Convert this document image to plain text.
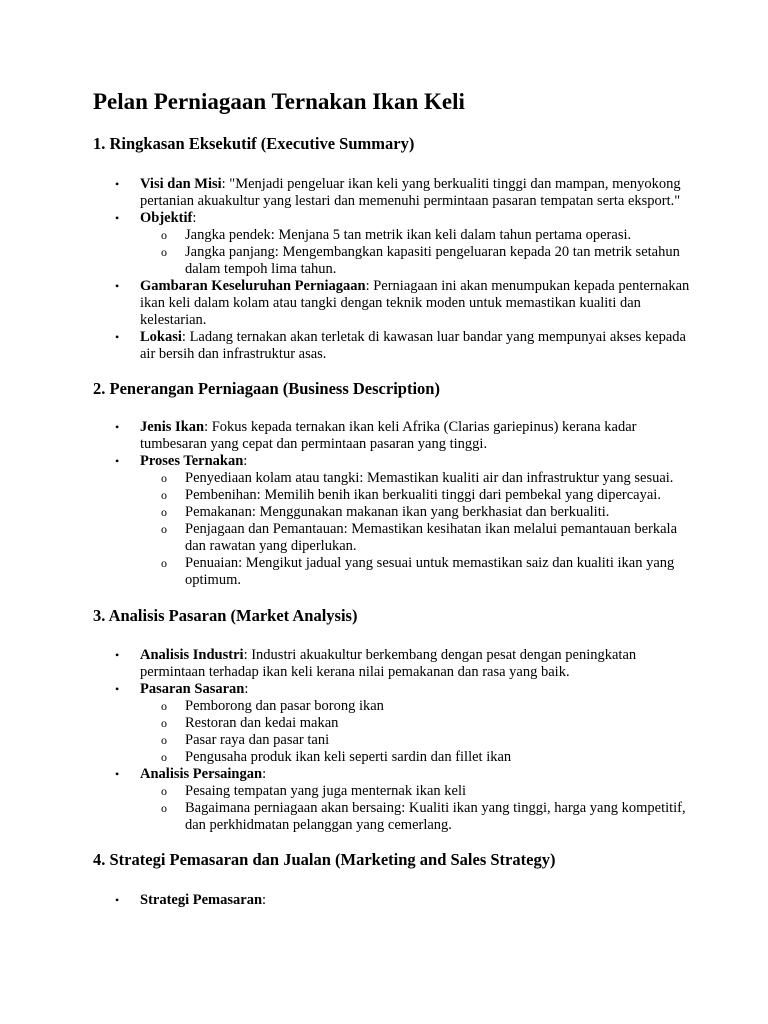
Pelan Perniagaan Ternakan Ikan Keli
1. Ringkasan Eksekutif (Executive Summary)
•	Visi dan Misi: "Menjadi pengeluar ikan keli yang berkualiti tinggi dan mampan, menyokong pertanian akuakultur yang lestari dan memenuhi permintaan pasaran tempatan serta eksport."
•	Objektif:
o Jangka pendek: Menjana 5 tan metrik ikan keli dalam tahun pertama operasi.
o Jangka panjang: Mengembangkan kapasiti pengeluaran kepada 20 tan metrik setahun dalam tempoh lima tahun.
•	Gambaran Keseluruhan Perniagaan: Perniagaan ini akan menumpukan kepada penternakan ikan keli dalam kolam atau tangki dengan teknik moden untuk memastikan kualiti dan kelestarian.
•	Lokasi: Ladang ternakan akan terletak di kawasan luar bandar yang mempunyai akses kepada air bersih dan infrastruktur asas.
2. Penerangan Perniagaan (Business Description)
•	Jenis Ikan: Fokus kepada ternakan ikan keli Afrika (Clarias gariepinus) kerana kadar tumbesaran yang cepat dan permintaan pasaran yang tinggi.
•	Proses Ternakan:
o Penyediaan kolam atau tangki: Memastikan kualiti air dan infrastruktur yang sesuai.
o Pembenihan: Memilih benih ikan berkualiti tinggi dari pembekal yang dipercayai.
o Pemakanan: Menggunakan makanan ikan yang berkhasiat dan berkualiti.
o Penjagaan dan Pemantauan: Memastikan kesihatan ikan melalui pemantauan berkala dan rawatan yang diperlukan.
o Penuaian: Mengikut jadual yang sesuai untuk memastikan saiz dan kualiti ikan yang optimum.
3. Analisis Pasaran (Market Analysis)
•	Analisis Industri: Industri akuakultur berkembang dengan pesat dengan peningkatan permintaan terhadap ikan keli kerana nilai pemakanan dan rasa yang baik.
•	Pasaran Sasaran:
o Pemborong dan pasar borong ikan
o Restoran dan kedai makan
o Pasar raya dan pasar tani
o Pengusaha produk ikan keli seperti sardin dan fillet ikan
•	Analisis Persaingan:
o Pesaing tempatan yang juga menternak ikan keli
o Bagaimana perniagaan akan bersaing: Kualiti ikan yang tinggi, harga yang kompetitif, dan perkhidmatan pelanggan yang cemerlang.
4. Strategi Pemasaran dan Jualan (Marketing and Sales Strategy)
•	Strategi Pemasaran:
